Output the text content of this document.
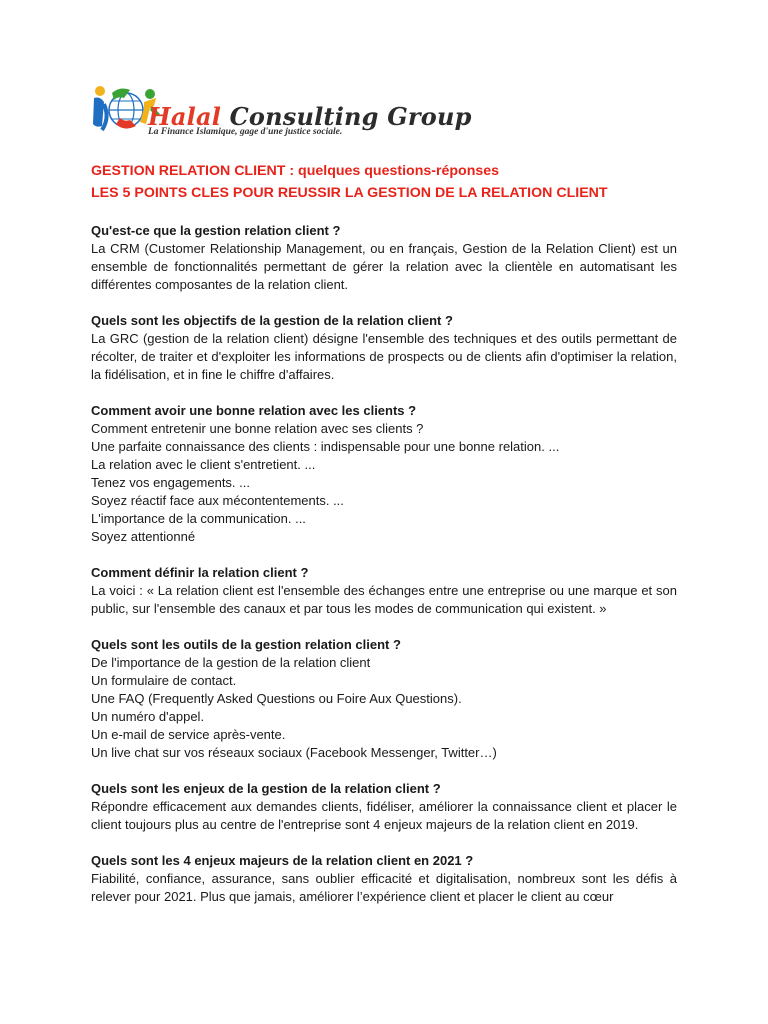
Halal Consulting Group
La Finance Islamique, gage d'une justice sociale.
GESTION RELATION CLIENT : quelques questions-réponses
LES 5 POINTS CLES POUR REUSSIR LA GESTION DE LA RELATION CLIENT

Qu'est-ce que la gestion relation client ?

La CRM (Customer Relationship Management, ou en français, Gestion de la Relation Client) est un ensemble de fonctionnalités permettant de gérer la relation avec la clientèle en automatisant les différentes composantes de la relation client.

Quels sont les objectifs de la gestion de la relation client ?

La GRC (gestion de la relation client) désigne l'ensemble des techniques et des outils permettant de récolter, de traiter et d'exploiter les informations de prospects ou de clients afin d'optimiser la relation, la fidélisation, et in fine le chiffre d'affaires.

Comment avoir une bonne relation avec les clients ?

Comment entretenir une bonne relation avec ses clients ?

Une parfaite connaissance des clients : indispensable pour une bonne relation. ...

La relation avec le client s'entretient. ...

Tenez vos engagements. ...

Soyez réactif face aux mécontentements. ...

L'importance de la communication. ...

Soyez attentionné

Comment définir la relation client ?

La voici : « La relation client est l'ensemble des échanges entre une entreprise ou une marque et son public, sur l'ensemble des canaux et par tous les modes de communication qui existent. »

Quels sont les outils de la gestion relation client ?

De l'importance de la gestion de la relation client

Un formulaire de contact.

Une FAQ (Frequently Asked Questions ou Foire Aux Questions).

Un numéro d'appel.

Un e-mail de service après-vente.

Un live chat sur vos réseaux sociaux (Facebook Messenger, Twitter…)

Quels sont les enjeux de la gestion de la relation client ?

Répondre efficacement aux demandes clients, fidéliser, améliorer la connaissance client et placer le client toujours plus au centre de l'entreprise sont 4 enjeux majeurs de la relation client en 2019.

Quels sont les 4 enjeux majeurs de la relation client en 2021 ?

Fiabilité, confiance, assurance, sans oublier efficacité et digitalisation, nombreux sont les défis à relever pour 2021. Plus que jamais, améliorer l’expérience client et placer le client au cœur
